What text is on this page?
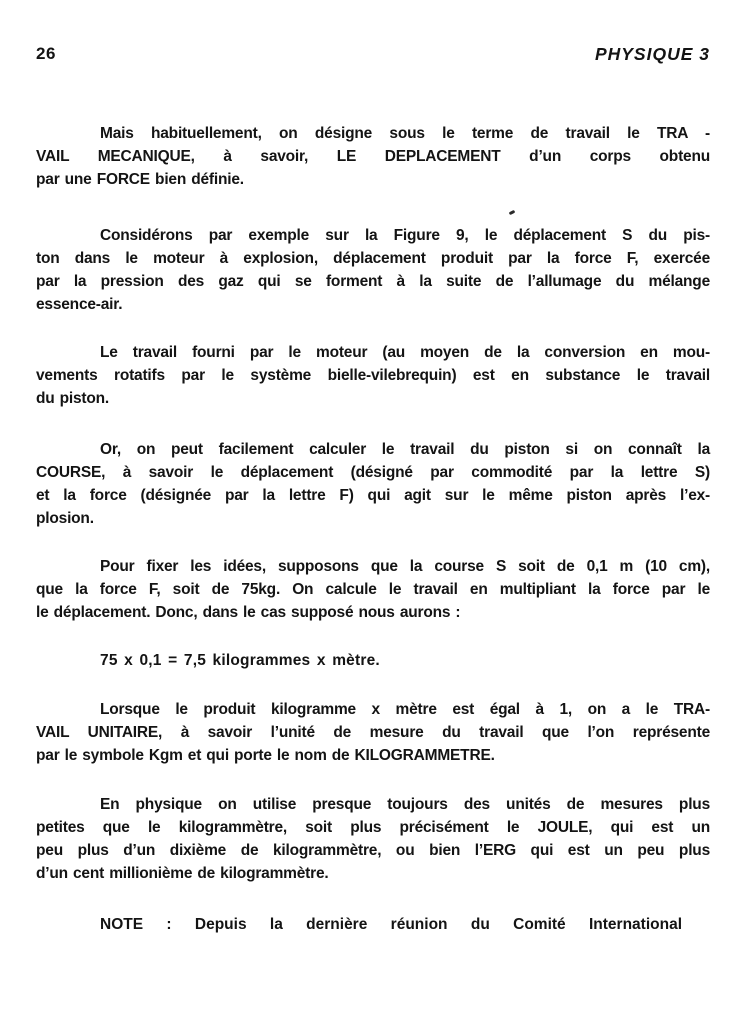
26	PHYSIQUE 3
Mais habituellement, on désigne sous le terme de travail le TRA -
VAIL MECANIQUE, à savoir, LE DEPLACEMENT d’un corps obtenu
par une FORCE bien définie.
Considérons par exemple sur la Figure 9, le déplacement S du pis-
ton dans le moteur à explosion, déplacement produit par la force F, exercée
par la pression des gaz qui se forment à la suite de l’allumage du mélange
essence-air.
Le travail fourni par le moteur (au moyen de la conversion en mou-
vements rotatifs par le système bielle-vilebrequin) est en substance le travail
du piston.
Or, on peut facilement calculer le travail du piston si on connaît la
COURSE, à savoir le déplacement (désigné par commodité par la lettre S)
et la force (désignée par la lettre F) qui agit sur le même piston après l’ex-
plosion.
Pour fixer les idées, supposons que la course S soit de 0,1 m (10 cm),
que la force F, soit de 75kg. On calcule le travail en multipliant la force par le
le déplacement. Donc, dans le cas supposé nous aurons :
75 x 0,1 = 7,5 kilogrammes x mètre.
Lorsque le produit kilogramme x mètre est égal à 1, on a le TRA-
VAIL UNITAIRE, à savoir l’unité de mesure du travail que l’on représente
par le symbole Kgm et qui porte le nom de KILOGRAMMETRE.
En physique on utilise presque toujours des unités de mesures plus
petites que le kilogrammètre, soit plus précisément le JOULE, qui est un
peu plus d’un dixième de kilogrammètre, ou bien l’ERG qui est un peu plus
d’un cent millionième de kilogrammètre.
NOTE : Depuis la dernière réunion du Comité International
